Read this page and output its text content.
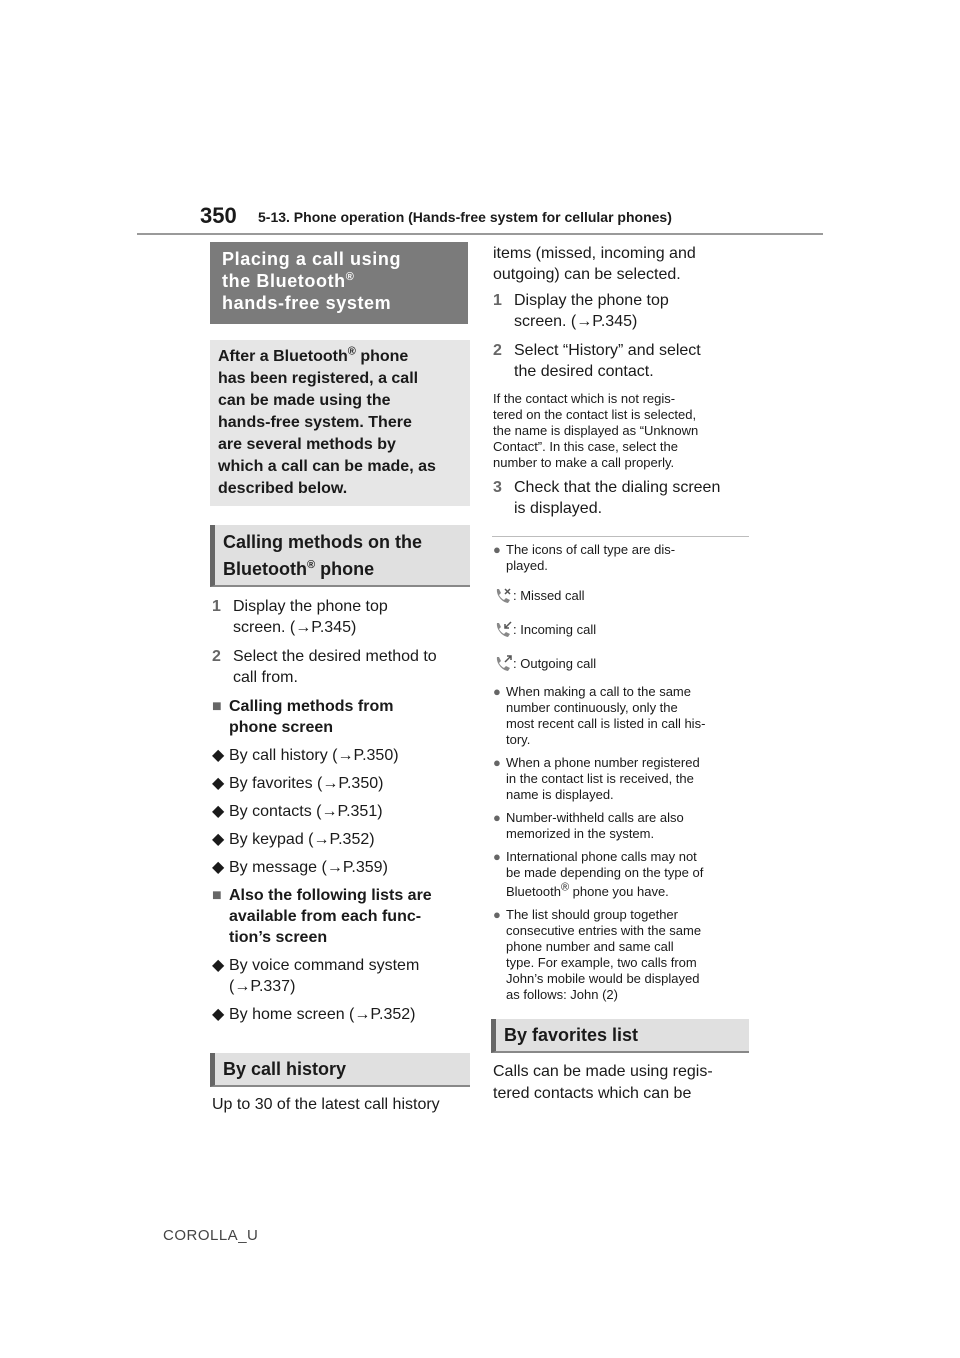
350 5-13. Phone operation (Hands-free system for cellular phones)
Placing a call using
the Bluetooth®
hands-free system
After a Bluetooth® phone
has been registered, a call
can be made using the
hands-free system. There
are several methods by
which a call can be made, as
described below.
Calling methods on the
Bluetooth® phone
1 Display the phone top
screen. (→P.345)
2 Select the desired method to
call from.
■ Calling methods from
phone screen
◆ By call history (→P.350)
◆ By favorites (→P.350)
◆ By contacts (→P.351)
◆ By keypad (→P.352)
◆ By message (→P.359)
■ Also the following lists are
available from each func-
tion’s screen
◆ By voice command system
(→P.337)
◆ By home screen (→P.352)
By call history
Up to 30 of the latest call history
items (missed, incoming and
outgoing) can be selected.
1 Display the phone top
screen. (→P.345)
2 Select “History” and select
the desired contact.
If the contact which is not regis-
tered on the contact list is selected,
the name is displayed as “Unknown
Contact”. In this case, select the
number to make a call properly.
3 Check that the dialing screen
is displayed.
● The icons of call type are dis-
played.
: Missed call
: Incoming call
: Outgoing call
● When making a call to the same
number continuously, only the
most recent call is listed in call his-
tory.
● When a phone number registered
in the contact list is received, the
name is displayed.
● Number-withheld calls are also
memorized in the system.
● International phone calls may not
be made depending on the type of
Bluetooth® phone you have.
● The list should group together
consecutive entries with the same
phone number and same call
type. For example, two calls from
John’s mobile would be displayed
as follows: John (2)
By favorites list
Calls can be made using regis-
tered contacts which can be
COROLLA_U
